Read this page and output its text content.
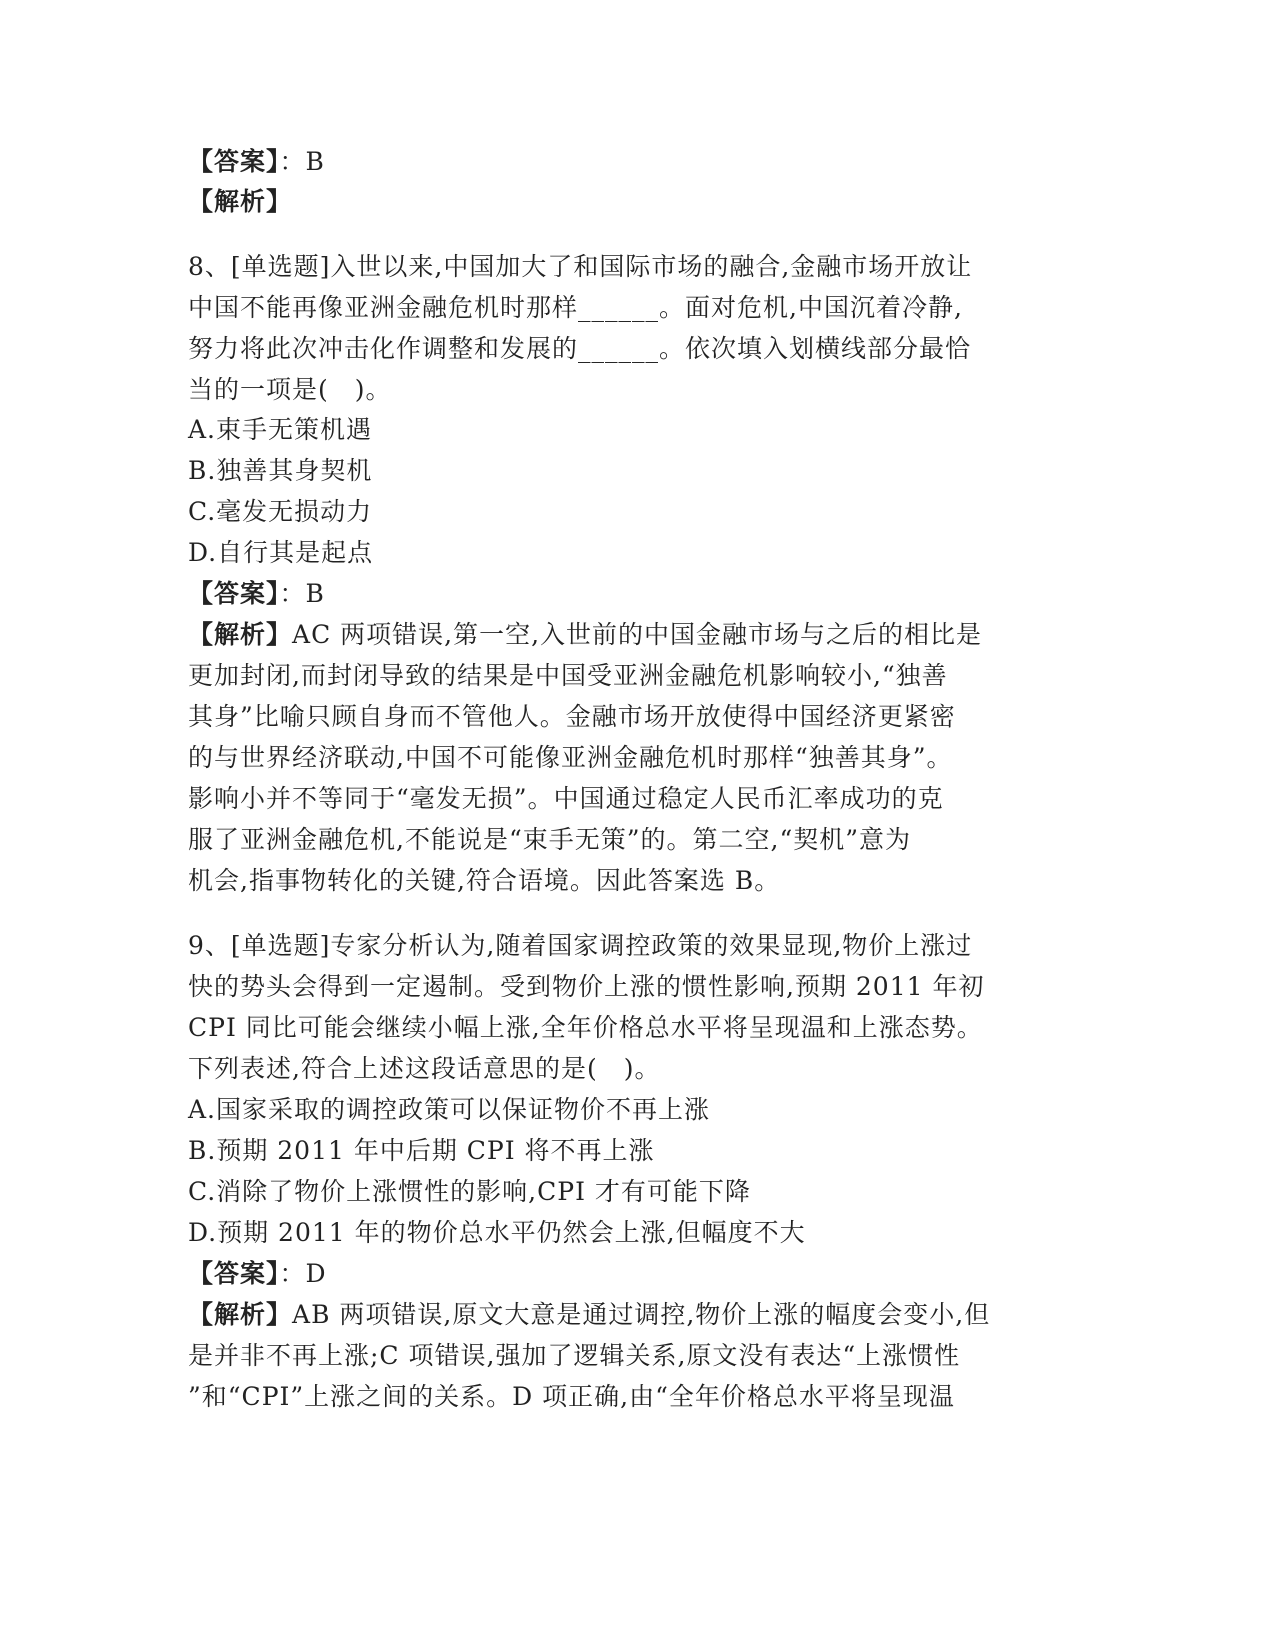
【答案】：B
【解析】
8、[单选题]入世以来,中国加大了和国际市场的融合,金融市场开放让
中国不能再像亚洲金融危机时那样______。面对危机,中国沉着冷静,
努力将此次冲击化作调整和发展的______。依次填入划横线部分最恰
当的一项是(　)。
A.束手无策机遇
B.独善其身契机
C.毫发无损动力
D.自行其是起点
【答案】：B
【解析】AC 两项错误,第一空,入世前的中国金融市场与之后的相比是
更加封闭,而封闭导致的结果是中国受亚洲金融危机影响较小,“独善
其身”比喻只顾自身而不管他人。金融市场开放使得中国经济更紧密
的与世界经济联动,中国不可能像亚洲金融危机时那样“独善其身”。
影响小并不等同于“毫发无损”。中国通过稳定人民币汇率成功的克
服了亚洲金融危机,不能说是“束手无策”的。第二空,“契机”意为
机会,指事物转化的关键,符合语境。因此答案选 B。
9、[单选题]专家分析认为,随着国家调控政策的效果显现,物价上涨过
快的势头会得到一定遏制。受到物价上涨的惯性影响,预期 2011 年初
CPI 同比可能会继续小幅上涨,全年价格总水平将呈现温和上涨态势。
下列表述,符合上述这段话意思的是(　)。
A.国家采取的调控政策可以保证物价不再上涨
B.预期 2011 年中后期 CPI 将不再上涨
C.消除了物价上涨惯性的影响,CPI 才有可能下降
D.预期 2011 年的物价总水平仍然会上涨,但幅度不大
【答案】：D
【解析】AB 两项错误,原文大意是通过调控,物价上涨的幅度会变小,但
是并非不再上涨;C 项错误,强加了逻辑关系,原文没有表达“上涨惯性
”和“CPI”上涨之间的关系。D 项正确,由“全年价格总水平将呈现温
